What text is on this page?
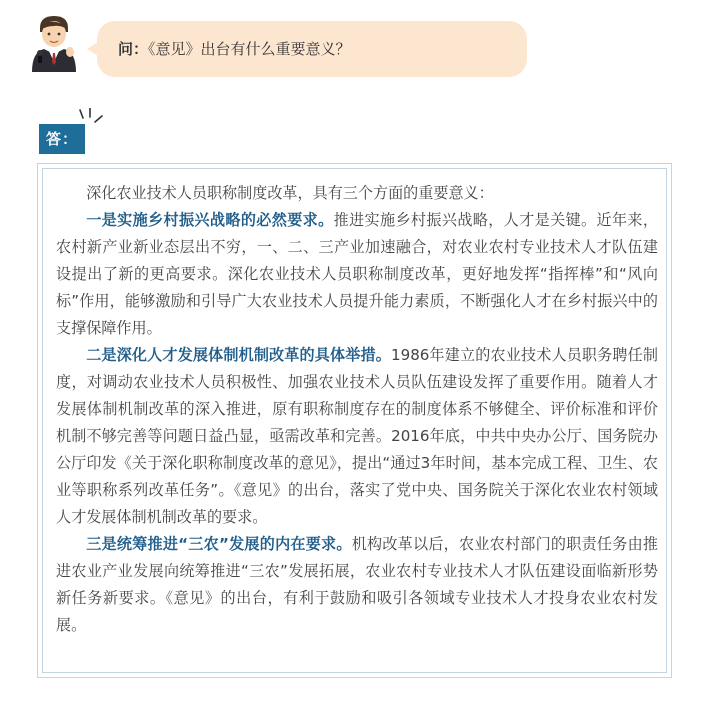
问：《意见》出台有什么重要意义？
答：

深化农业技术人员职称制度改革，具有三个方面的重要意义：

一是实施乡村振兴战略的必然要求。推进实施乡村振兴战略，人才是关键。近年来，农村新产业新业态层出不穷，一、二、三产业加速融合，对农业农村专业技术人才队伍建设提出了新的更高要求。深化农业技术人员职称制度改革，更好地发挥“指挥棒”和“风向标”作用，能够激励和引导广大农业技术人员提升能力素质，不断强化人才在乡村振兴中的支撑保障作用。

二是深化人才发展体制机制改革的具体举措。1986年建立的农业技术人员职务聘任制度，对调动农业技术人员积极性、加强农业技术人员队伍建设发挥了重要作用。随着人才发展体制机制改革的深入推进，原有职称制度存在的制度体系不够健全、评价标准和评价机制不够完善等问题日益凸显，亟需改革和完善。2016年底，中共中央办公厅、国务院办公厅印发《关于深化职称制度改革的意见》，提出“通过3年时间，基本完成工程、卫生、农业等职称系列改革任务”。《意见》的出台，落实了党中央、国务院关于深化农业农村领域人才发展体制机制改革的要求。

三是统筹推进“三农”发展的内在要求。机构改革以后，农业农村部门的职责任务由推进农业产业发展向统筹推进“三农”发展拓展，农业农村专业技术人才队伍建设面临新形势新任务新要求。《意见》的出台，有利于鼓励和吸引各领域专业技术人才投身农业农村发展。
